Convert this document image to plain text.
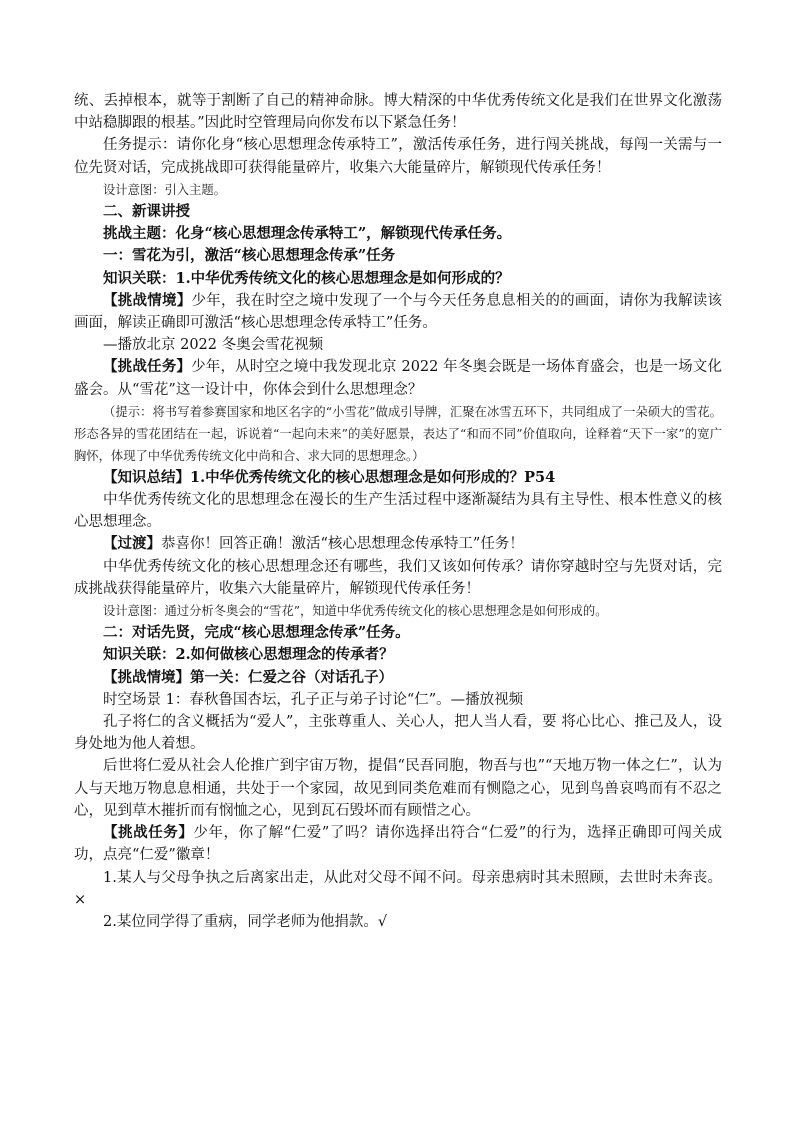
统、丢掉根本，就等于割断了自己的精神命脉。博大精深的中华优秀传统文化是我们在世界文化激荡中站稳脚跟的根基。”因此时空管理局向你发布以下紧急任务！

任务提示：请你化身“核心思想理念传承特工”，激活传承任务，进行闯关挑战，每闯一关需与一位先贤对话，完成挑战即可获得能量碎片，收集六大能量碎片，解锁现代传承任务！

设计意图：引入主题。

二、新课讲授

挑战主题：化身“核心思想理念传承特工”，解锁现代传承任务。

一：雪花为引，激活“核心思想理念传承”任务

知识关联：1.中华优秀传统文化的核心思想理念是如何形成的？

【挑战情境】少年，我在时空之境中发现了一个与今天任务息息相关的的画面，请你为我解读该画面，解读正确即可激活“核心思想理念传承特工”任务。

—播放北京 2022 冬奥会雪花视频

【挑战任务】少年，从时空之境中我发现北京 2022 年冬奥会既是一场体育盛会，也是一场文化盛会。从“雪花”这一设计中，你体会到什么思想理念？

（提示：将书写着参赛国家和地区名字的“小雪花”做成引导牌，汇聚在冰雪五环下，共同组成了一朵硕大的雪花。形态各异的雪花团结在一起，诉说着“一起向未来”的美好愿景，表达了“和而不同”价值取向，诠释着“天下一家”的宽广胸怀，体现了中华优秀传统文化中尚和合、求大同的思想理念。）

【知识总结】1.中华优秀传统文化的核心思想理念是如何形成的？P54

中华优秀传统文化的思想理念在漫长的生产生活过程中逐渐凝结为具有主导性、根本性意义的核心思想理念。

【过渡】恭喜你！回答正确！激活“核心思想理念传承特工”任务！

中华优秀传统文化的核心思想理念还有哪些，我们又该如何传承？请你穿越时空与先贤对话，完成挑战获得能量碎片，收集六大能量碎片，解锁现代传承任务！

设计意图：通过分析冬奥会的“雪花”，知道中华优秀传统文化的核心思想理念是如何形成的。

二：对话先贤，完成“核心思想理念传承”任务。

知识关联：2.如何做核心思想理念的传承者？

【挑战情境】第一关：仁爱之谷（对话孔子）

时空场景 1：春秋鲁国杏坛，孔子正与弟子讨论“仁”。—播放视频

孔子将仁的含义概括为“爱人”，主张尊重人、关心人，把人当人看，要 将心比心、推己及人，设身处地为他人着想。

后世将仁爱从社会人伦推广到宇宙万物，提倡“民吾同胞，物吾与也”“天地万物一体之仁”，认为人与天地万物息息相通，共处于一个家园，故见到同类危难而有恻隐之心，见到鸟兽哀鸣而有不忍之心，见到草木摧折而有悯恤之心，见到瓦石毁坏而有顾惜之心。

【挑战任务】少年，你了解“仁爱”了吗？请你选择出符合“仁爱”的行为，选择正确即可闯关成功，点亮“仁爱”徽章！

1.某人与父母争执之后离家出走，从此对父母不闻不问。母亲患病时其未照顾，去世时未奔丧。×

2.某位同学得了重病，同学老师为他捐款。√
